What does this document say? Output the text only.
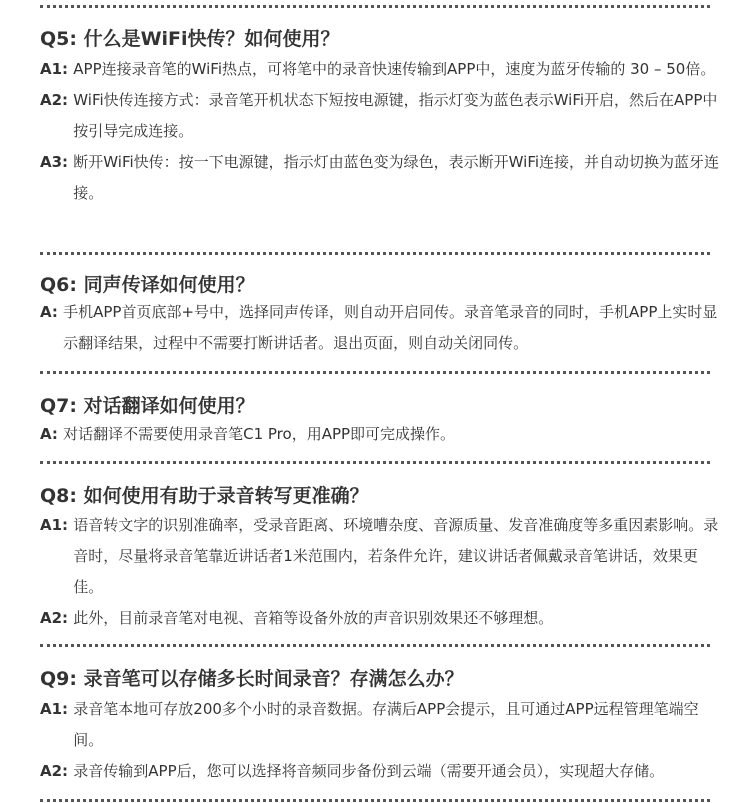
Q5: 什么是WiFi快传？如何使用？
A1: APP连接录音笔的WiFi热点，可将笔中的录音快速传输到APP中，速度为蓝牙传输的 30 – 50倍。
A2: WiFi快传连接方式：录音笔开机状态下短按电源键，指示灯变为蓝色表示WiFi开启，然后在APP中按引导完成连接。
A3: 断开WiFi快传：按一下电源键，指示灯由蓝色变为绿色，表示断开WiFi连接，并自动切换为蓝牙连接。
Q6: 同声传译如何使用？
A: 手机APP首页底部+号中，选择同声传译，则自动开启同传。录音笔录音的同时，手机APP上实时显示翻译结果，过程中不需要打断讲话者。退出页面，则自动关闭同传。
Q7: 对话翻译如何使用？
A: 对话翻译不需要使用录音笔C1 Pro，用APP即可完成操作。
Q8: 如何使用有助于录音转写更准确？
A1: 语音转文字的识别准确率，受录音距离、环境嘈杂度、音源质量、发音准确度等多重因素影响。录音时，尽量将录音笔靠近讲话者1米范围内，若条件允许，建议讲话者佩戴录音笔讲话，效果更佳。
A2: 此外，目前录音笔对电视、音箱等设备外放的声音识别效果还不够理想。
Q9: 录音笔可以存储多长时间录音？存满怎么办？
A1: 录音笔本地可存放200多个小时的录音数据。存满后APP会提示，且可通过APP远程管理笔端空间。
A2: 录音传输到APP后，您可以选择将音频同步备份到云端（需要开通会员），实现超大存储。
